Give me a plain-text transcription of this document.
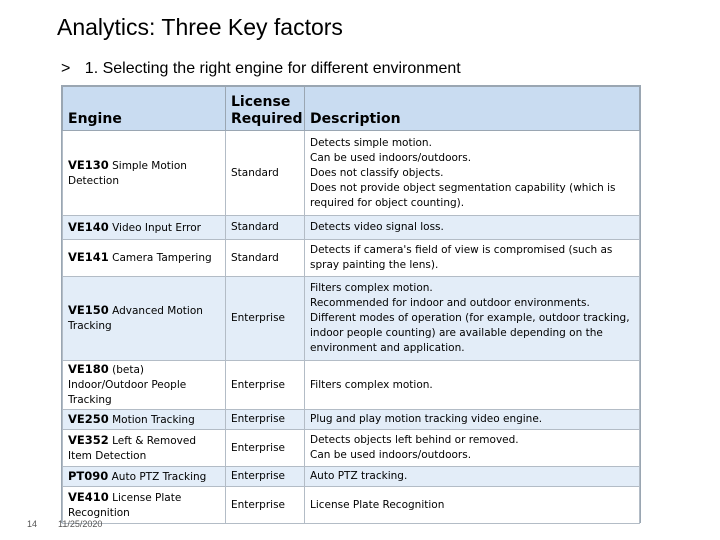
Analytics: Three Key factors
> 1. Selecting the right engine for different environment
Engine	License Required	Description
VE130 Simple Motion Detection	Standard	Detects simple motion.
Can be used indoors/outdoors.
Does not classify objects.
Does not provide object segmentation capability (which is required for object counting).

VE140 Video Input Error	Standard	Detects video signal loss.

VE141 Camera Tampering	Standard	Detects if camera's field of view is compromised (such as spray painting the lens).

VE150 Advanced Motion Tracking	Enterprise	Filters complex motion.
Recommended for indoor and outdoor environments.
Different modes of operation (for example, outdoor tracking, indoor people counting) are available depending on the environment and application.

VE180 (beta) Indoor/Outdoor People Tracking	Enterprise	Filters complex motion.

VE250 Motion Tracking	Enterprise	Plug and play motion tracking video engine.

VE352 Left & Removed Item Detection	Enterprise	Detects objects left behind or removed.
Can be used indoors/outdoors.

PT090 Auto PTZ Tracking	Enterprise	Auto PTZ tracking.

VE410 License Plate Recognition	Enterprise	License Plate Recognition
14 11/25/2020
